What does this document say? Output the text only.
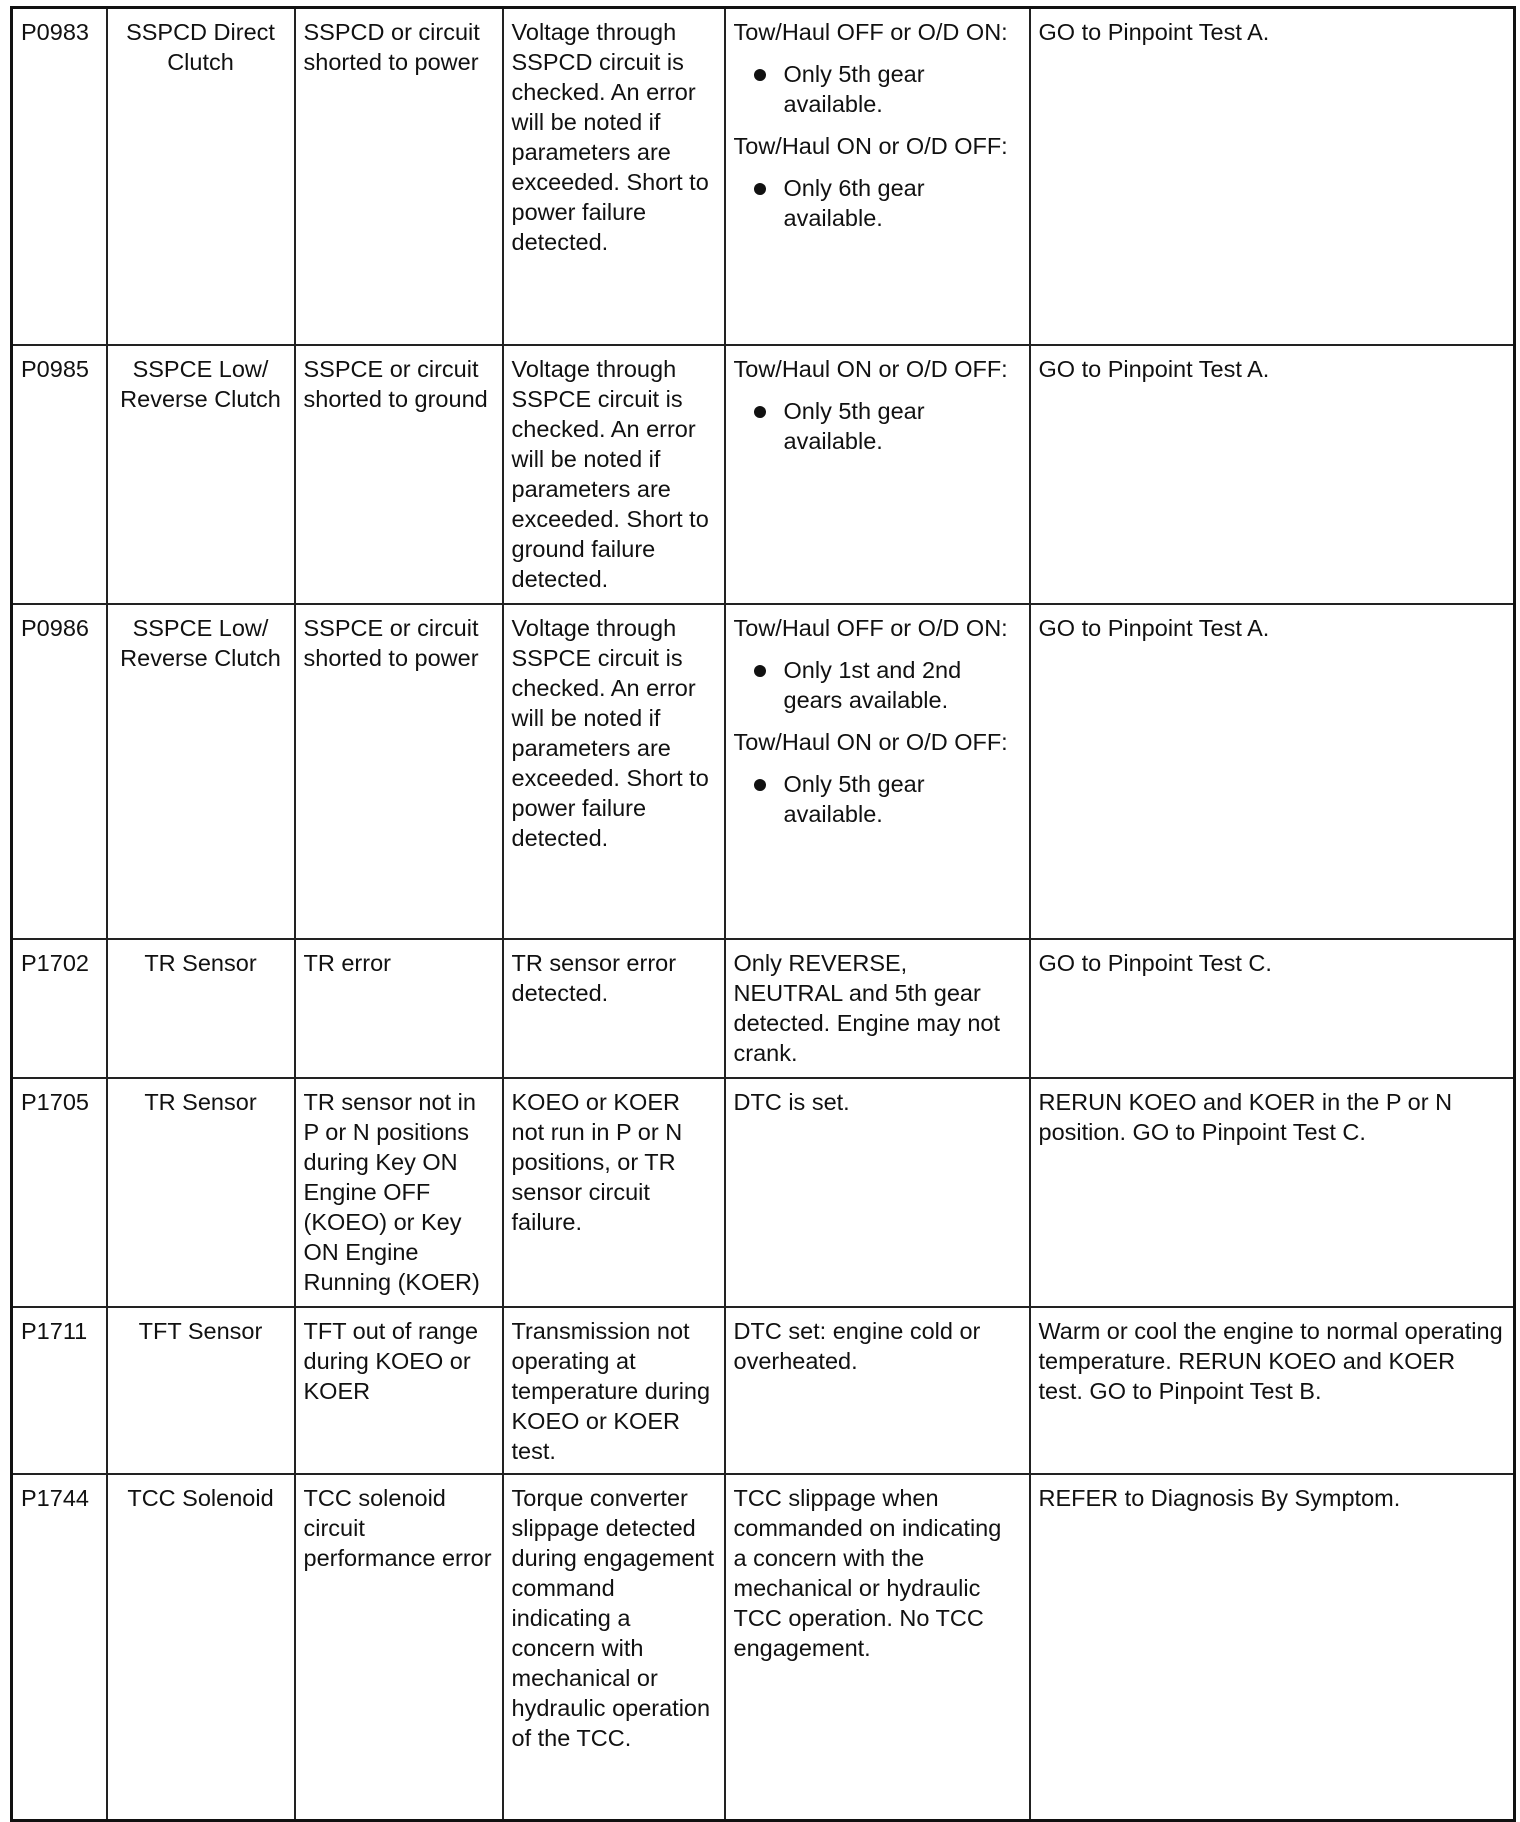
P0983	SSPCD Direct Clutch	SSPCD or circuit shorted to power	Voltage through SSPCD circuit is checked. An error will be noted if parameters are exceeded. Short to power failure detected.	Tow/Haul OFF or O/D ON:
Only 5th gear available.
Tow/Haul ON or O/D OFF:
Only 6th gear available.	GO to Pinpoint Test A.

P0985	SSPCE Low/ Reverse Clutch	SSPCE or circuit shorted to ground	Voltage through SSPCE circuit is checked. An error will be noted if parameters are exceeded. Short to ground failure detected.	Tow/Haul ON or O/D OFF:
Only 5th gear available.	GO to Pinpoint Test A.

P0986	SSPCE Low/ Reverse Clutch	SSPCE or circuit shorted to power	Voltage through SSPCE circuit is checked. An error will be noted if parameters are exceeded. Short to power failure detected.	Tow/Haul OFF or O/D ON:
Only 1st and 2nd gears available.
Tow/Haul ON or O/D OFF:
Only 5th gear available.	GO to Pinpoint Test A.

P1702	TR Sensor	TR error	TR sensor error detected.	Only REVERSE, NEUTRAL and 5th gear detected. Engine may not crank.	GO to Pinpoint Test C.

P1705	TR Sensor	TR sensor not in P or N positions during Key ON Engine OFF (KOEO) or Key ON Engine Running (KOER)	KOEO or KOER not run in P or N positions, or TR sensor circuit failure.	DTC is set.	RERUN KOEO and KOER in the P or N position. GO to Pinpoint Test C.

P1711	TFT Sensor	TFT out of range during KOEO or KOER	Transmission not operating at temperature during KOEO or KOER test.	DTC set: engine cold or overheated.	Warm or cool the engine to normal operating temperature. RERUN KOEO and KOER test. GO to Pinpoint Test B.

P1744	TCC Solenoid	TCC solenoid circuit performance error	Torque converter slippage detected during engagement command indicating a concern with mechanical or hydraulic operation of the TCC.	TCC slippage when commanded on indicating a concern with the mechanical or hydraulic TCC operation. No TCC engagement.	REFER to Diagnosis By Symptom.
